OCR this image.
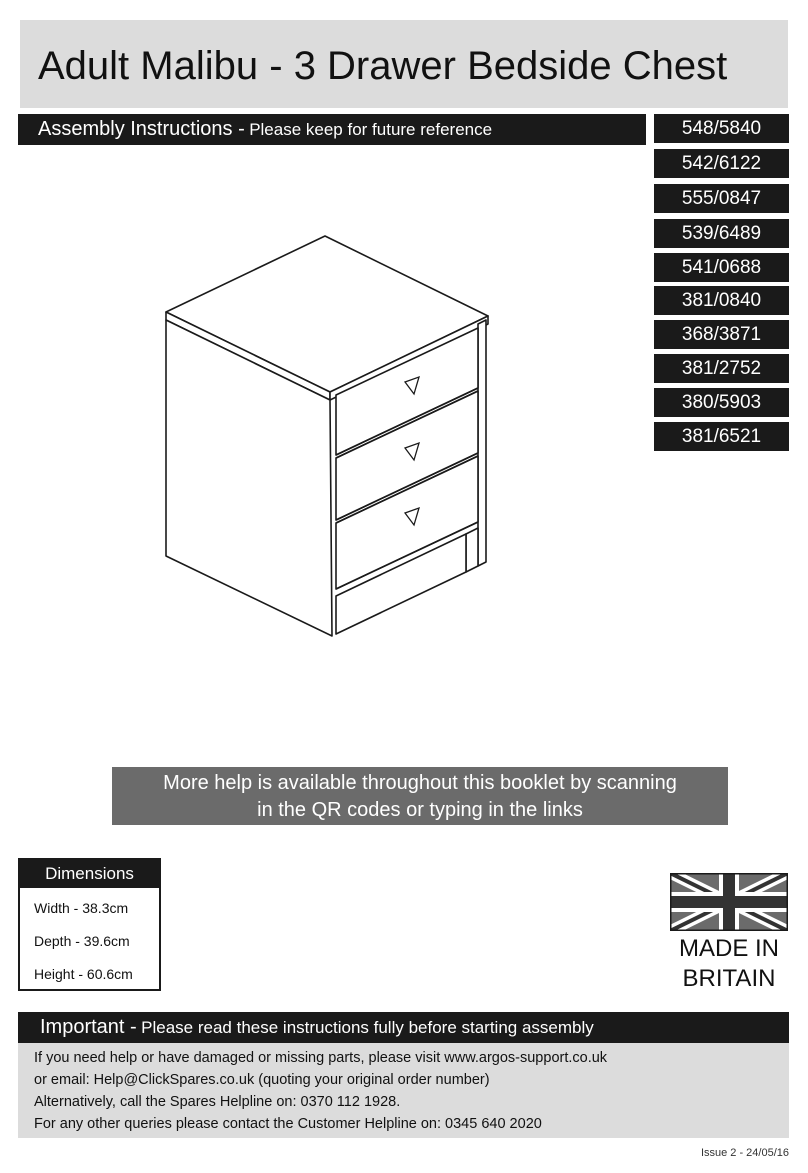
Adult Malibu - 3 Drawer Bedside Chest
Assembly Instructions - Please keep for future reference	548/5840
542/6122
555/0847
539/6489
541/0688
381/0840
368/3871
381/2752
380/5903
381/6521
More help is available throughout this booklet by scanning
in the QR codes or typing in the links
Dimensions
Width - 38.3cm
Depth - 39.6cm
Height - 60.6cm
MADE IN
BRITAIN
Important - Please read these instructions fully before starting assembly
If you need help or have damaged or missing parts, please visit www.argos-support.co.uk
or email: Help@ClickSpares.co.uk (quoting your original order number)
Alternatively, call the Spares Helpline on: 0370 112 1928.
For any other queries please contact the Customer Helpline on: 0345 640 2020
Issue 2 - 24/05/16
